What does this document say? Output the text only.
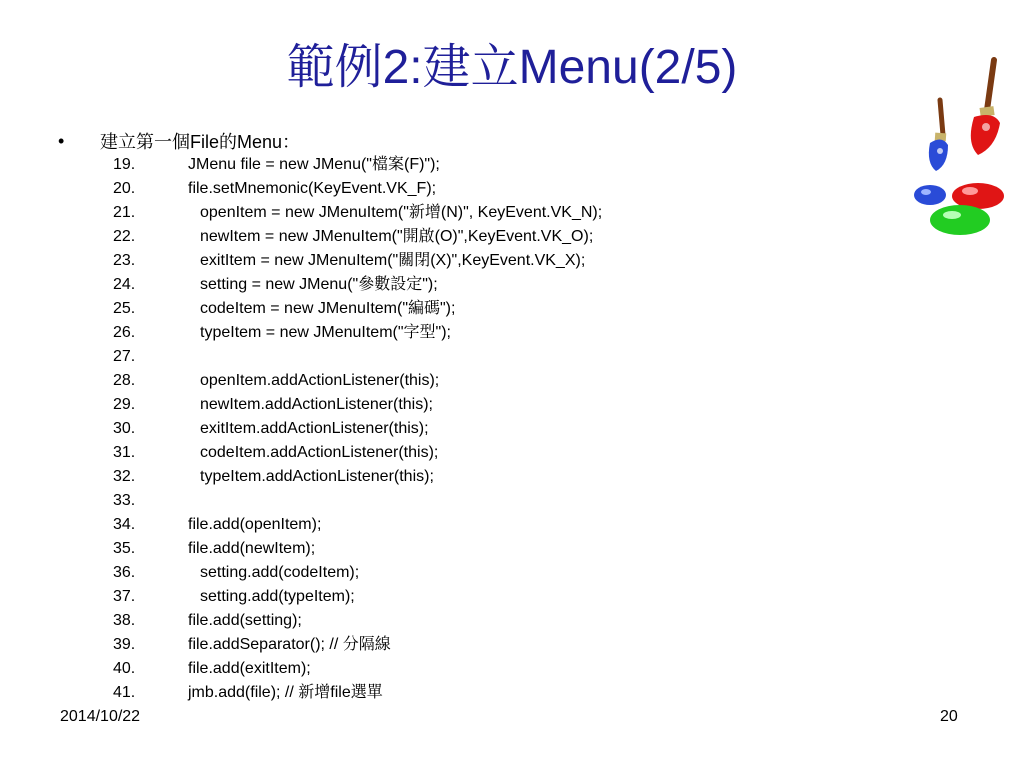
範例2:建立Menu(2/5)
•	建立第一個File的Menu：
19.	JMenu file = new JMenu("檔案(F)");
20.	file.setMnemonic(KeyEvent.VK_F);
21.	openItem = new JMenuItem("新增(N)", KeyEvent.VK_N);
22.	newItem = new JMenuItem("開啟(O)",KeyEvent.VK_O);
23.	exitItem = new JMenuItem("關閉(X)",KeyEvent.VK_X);
24.	setting = new JMenu("參數設定");
25.	codeItem = new JMenuItem("編碼");
26.	typeItem = new JMenuItem("字型");
27.
28.	openItem.addActionListener(this);
29.	newItem.addActionListener(this);
30.	exitItem.addActionListener(this);
31.	codeItem.addActionListener(this);
32.	typeItem.addActionListener(this);
33.
34.	file.add(openItem);
35.	file.add(newItem);
36.	setting.add(codeItem);
37.	setting.add(typeItem);
38.	file.add(setting);
39.	file.addSeparator(); // 分隔線
40.	file.add(exitItem);
41.	jmb.add(file); // 新增file選單
2014/10/22	20
